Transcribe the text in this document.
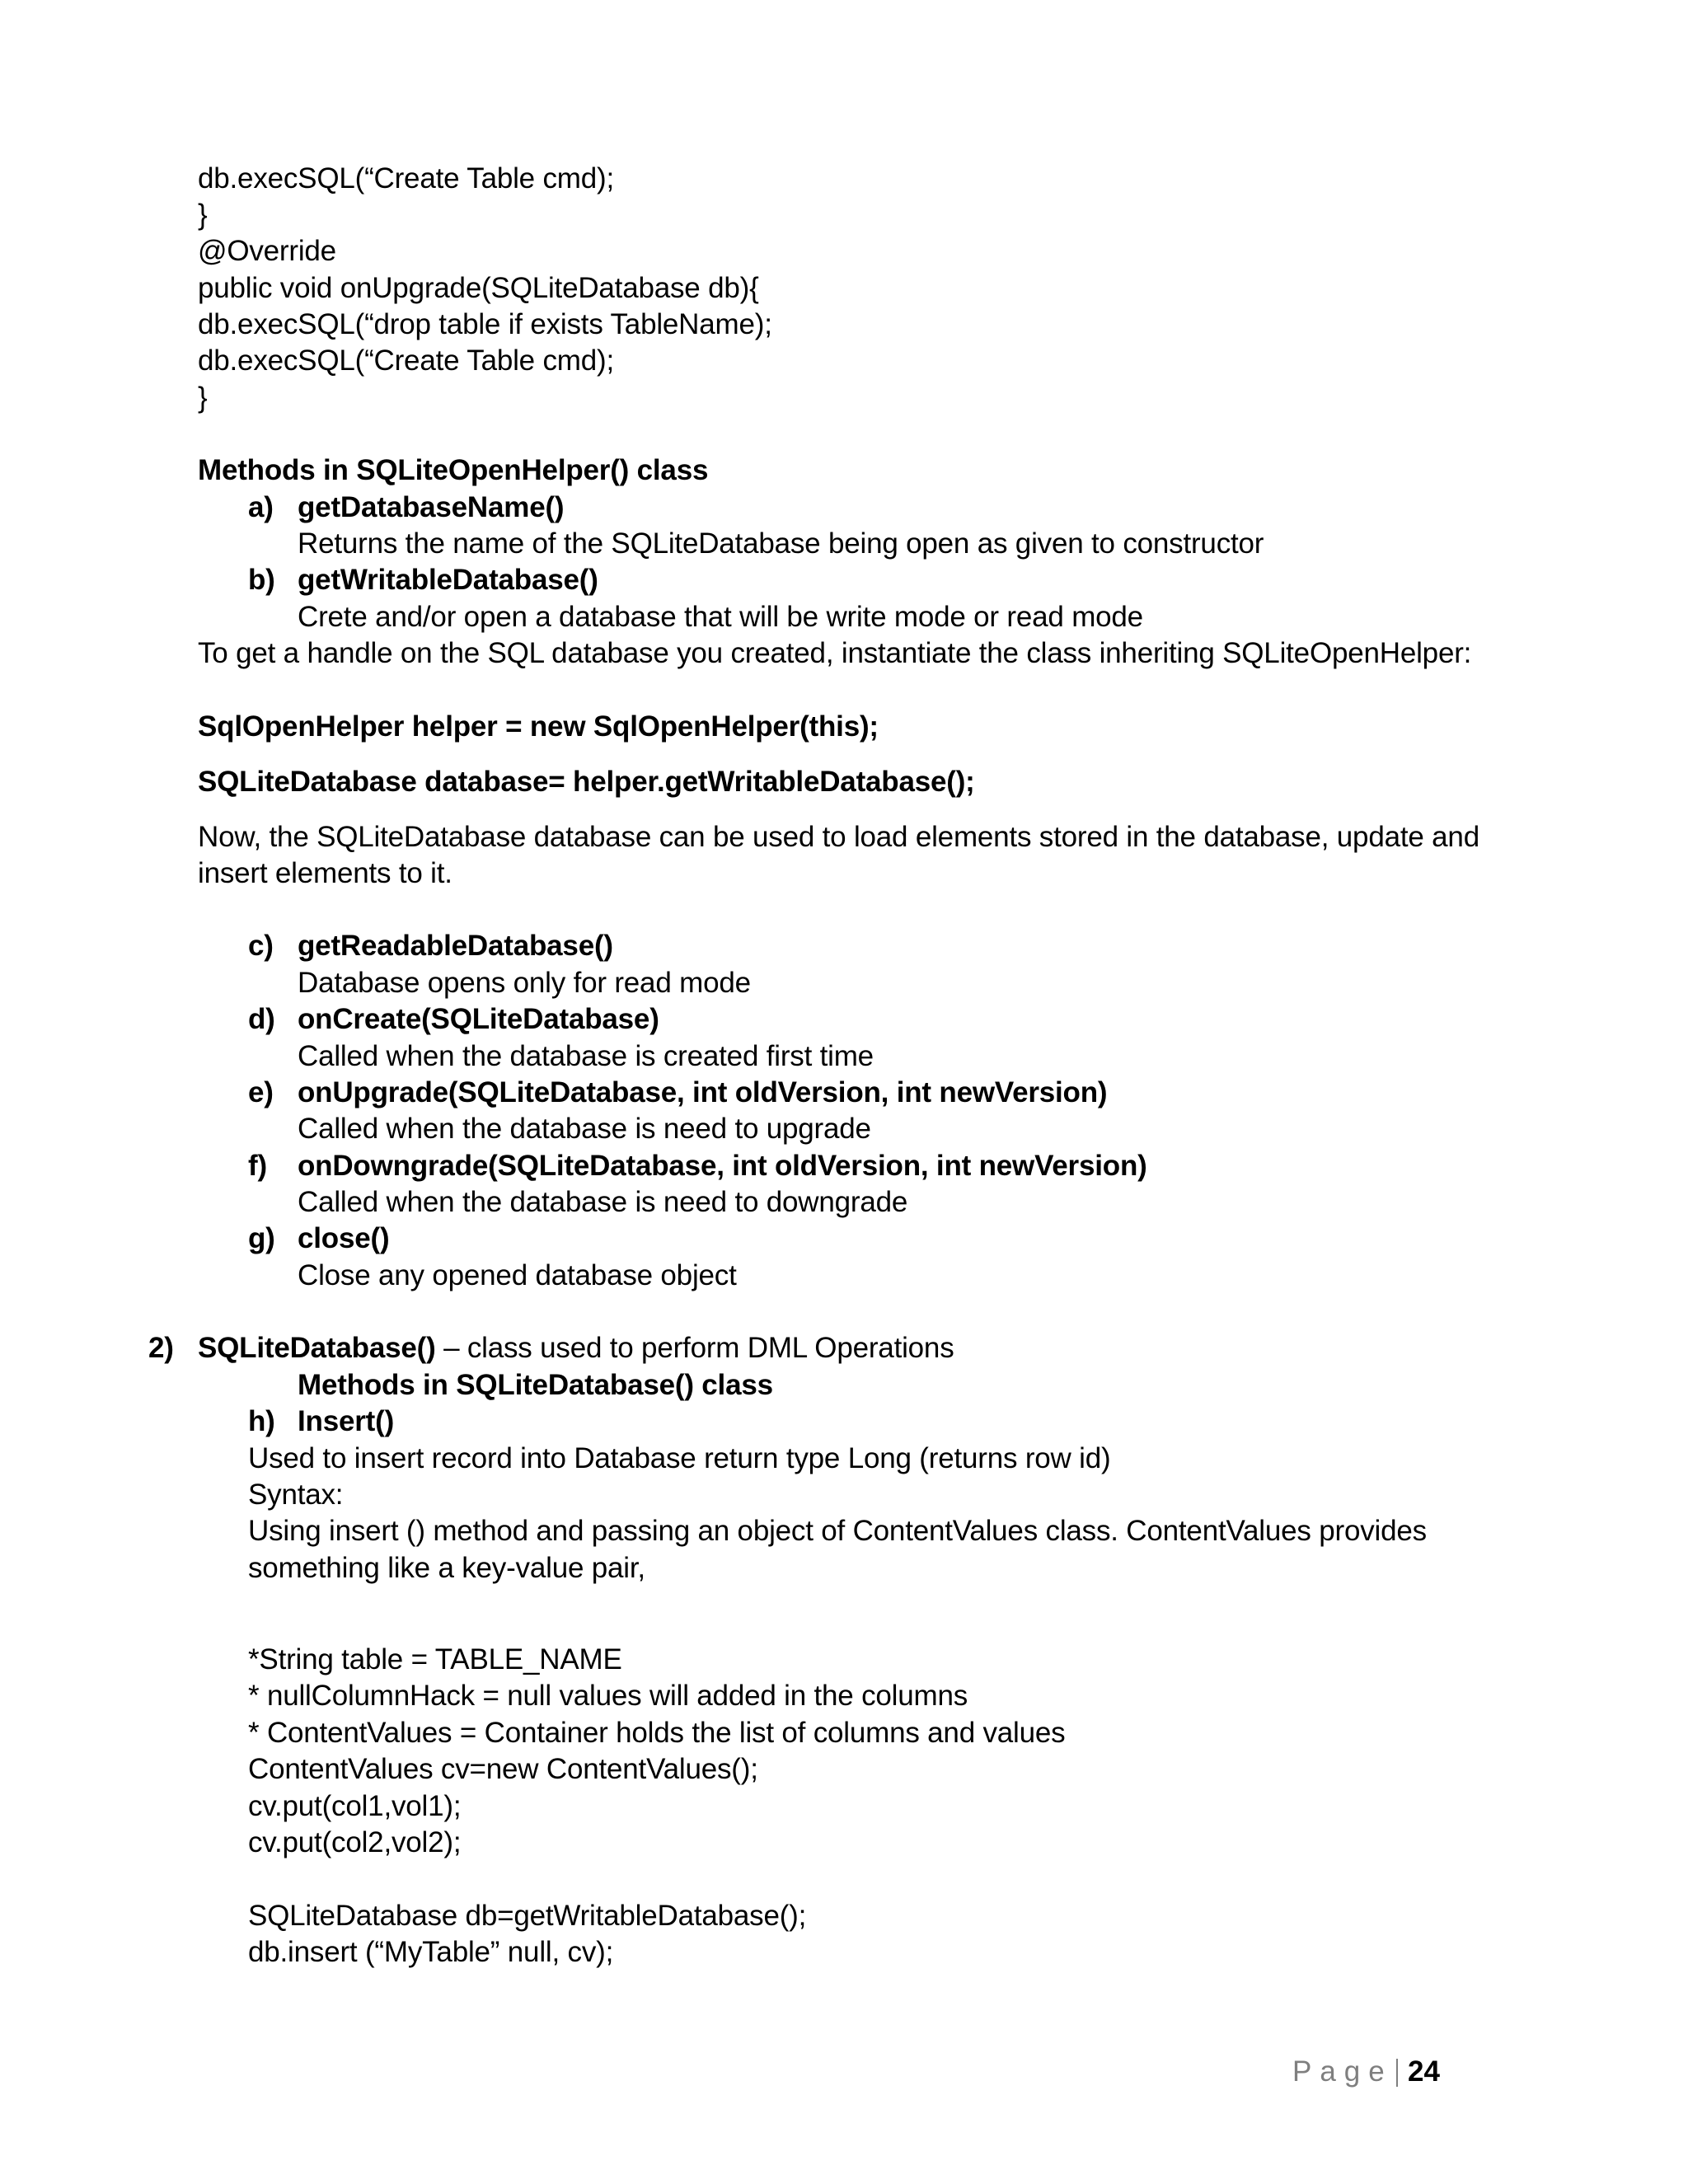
db.execSQL(“Create Table cmd);
}
@Override
public void onUpgrade(SQLiteDatabase db){
db.execSQL(“drop table if exists TableName);
db.execSQL(“Create Table cmd);
}
Methods in SQLiteOpenHelper() class
a) getDatabaseName()
Returns the name of the SQLiteDatabase being open as given to constructor
b) getWritableDatabase()
Crete and/or open a database that will be write mode or read mode
To get a handle on the SQL database you created, instantiate the class inheriting SQLiteOpenHelper:
SqlOpenHelper helper = new SqlOpenHelper(this);
SQLiteDatabase database= helper.getWritableDatabase();
Now, the SQLiteDatabase database can be used to load elements stored in the database, update and
insert elements to it.
c) getReadableDatabase()
Database opens only for read mode
d) onCreate(SQLiteDatabase)
Called when the database is created first time
e) onUpgrade(SQLiteDatabase, int oldVersion, int newVersion)
Called when the database is need to upgrade
f) onDowngrade(SQLiteDatabase, int oldVersion, int newVersion)
Called when the database is need to downgrade
g) close()
Close any opened database object
2) SQLiteDatabase() – class used to perform DML Operations
Methods in SQLiteDatabase() class
h) Insert()
Used to insert record into Database return type Long (returns row id)
Syntax:
Using insert () method and passing an object of ContentValues class. ContentValues provides
something like a key-value pair,
*String table = TABLE_NAME
* nullColumnHack = null values will added in the columns
* ContentValues = Container holds the list of columns and values
ContentValues cv=new ContentValues();
cv.put(col1,vol1);
cv.put(col2,vol2);
SQLiteDatabase db=getWritableDatabase();
db.insert (“MyTable” null, cv);
Page 24
